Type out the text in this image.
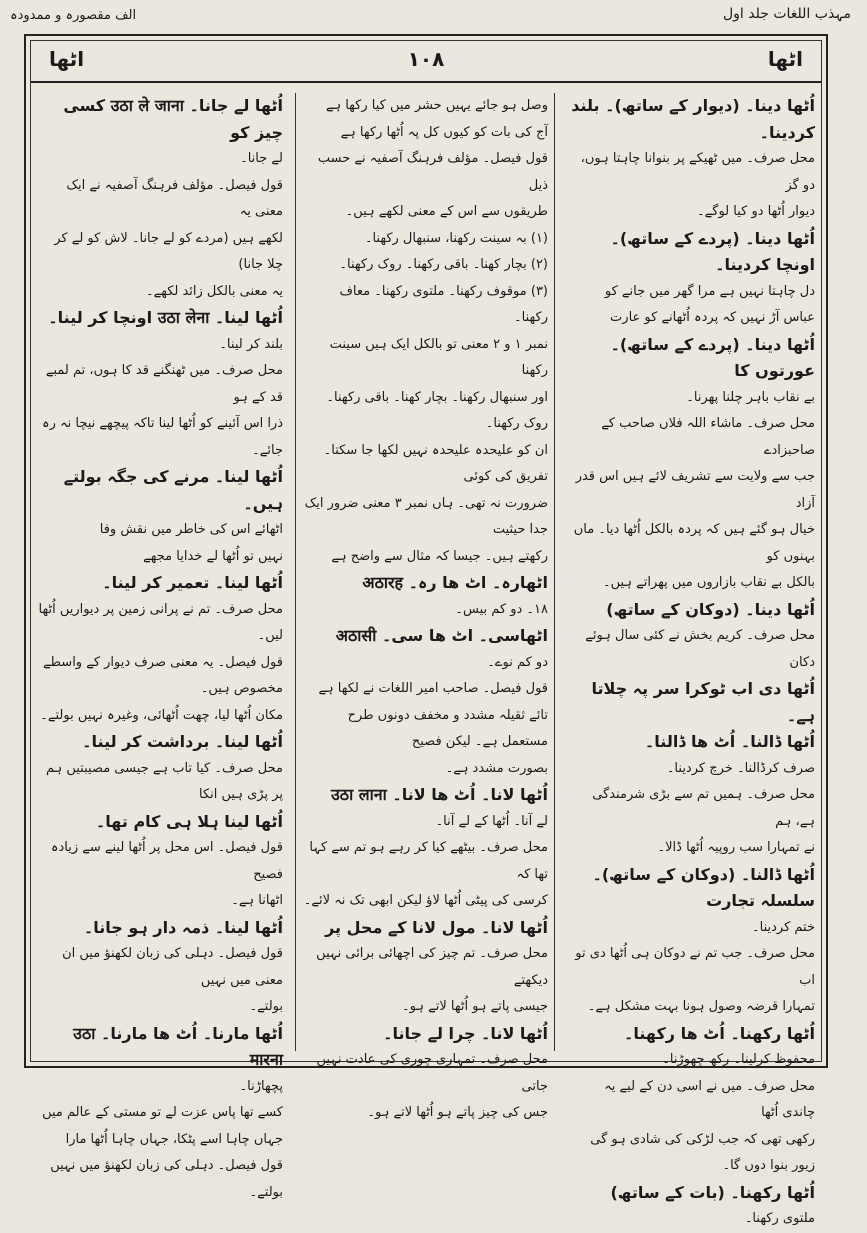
الف مقصورہ و ممدودہ	مہذب اللغات جلد اول
اٹھا	۱۰۸	اٹھا

اُٹھا دینا۔ (دیوار کے ساتھ)۔ بلند کردینا۔

محل صرف۔ میں ٹھیکے پر بنوانا چاہتا ہوں، دو گز

دیوار اُٹھا دو کیا لوگے۔

اُٹھا دینا۔ (پردے کے ساتھ)۔ اونچا کردینا۔

دل چاہتا نہیں ہے مرا گھر میں جانے کو

عباس آڑ نہیں کہ پردہ اُٹھانے کو عارت

اُٹھا دینا۔ (پردے کے ساتھ)۔ عورتوں کا

بے نقاب باہر چلنا پھرنا۔

محل صرف۔ ماشاء اللہ فلاں صاحب کے صاحبزادے

جب سے ولایت سے تشریف لائے ہیں اس قدر آزاد

خیال ہو گئے ہیں کہ پردہ بالکل اُٹھا دیا۔ ماں بہنوں کو

بالکل بے نقاب بازاروں میں پھراتے ہیں۔

اُٹھا دینا۔ (دوکان کے ساتھ)

محل صرف۔ کریم بخش نے کئی سال ہوئے دکان

اُٹھا دی اب ٹوکرا سر پہ چلاتا ہے۔

اُٹھا ڈالنا۔ اُٹ ھا ڈالنا۔

صرف کرڈالنا۔ خرچ کردینا۔

محل صرف۔ ہمیں تم سے بڑی شرمندگی ہے، ہم

نے تمہارا سب روپیہ اُٹھا ڈالا۔

اُٹھا ڈالنا۔ (دوکان کے ساتھ)۔ سلسلہ تجارت

ختم کردینا۔

محل صرف۔ جب تم نے دوکان ہی اُٹھا دی تو اب

تمہارا قرضہ وصول ہونا بہت مشکل ہے۔

اُٹھا رکھنا۔ اُٹ ھا رکھنا۔

محفوظ کرلینا۔ رکھ چھوڑنا۔

محل صرف۔ میں نے اسی دن کے لیے یہ چاندی اُٹھا

رکھی تھی کہ جب لڑکی کی شادی ہو گی زیور بنوا دوں گا۔

اُٹھا رکھنا۔ (بات کے ساتھ)

ملتوی رکھنا۔

وصل ہو جائے یہیں حشر میں کیا رکھا ہے

آج کی بات کو کیوں کل پہ اُٹھا رکھا ہے

قول فیصل۔ مؤلف فرہنگ آصفیہ نے حسب ذیل

طریقوں سے اس کے معنی لکھے ہیں۔

(۱) بہ سینت رکھنا، سنبھال رکھنا۔

(۲) بچار کھنا۔ باقی رکھنا۔ روک رکھنا۔

(۳) موقوف رکھنا۔ ملتوی رکھنا۔ معاف رکھنا۔

نمبر ۱ و ۲ معنی تو بالکل ایک ہیں سینت رکھنا

اور سنبھال رکھنا۔ بچار کھنا۔ باقی رکھنا۔ روک رکھنا۔

ان کو علیحدہ علیحدہ نہیں لکھا جا سکتا۔ تفریق کی کوئی

ضرورت نہ تھی۔ ہاں نمبر ۳ معنی ضرور ایک جدا حیثیت

رکھتے ہیں۔ جیسا کہ مثال سے واضح ہے

اٹھارہ۔ اٹ ھا رہ۔ अठारह

۱۸۔ دو کم بیس۔

اٹھاسی۔ اٹ ھا سی۔ अठासी

دو کم نوے۔

قول فیصل۔ صاحب امیر اللغات نے لکھا ہے

تائے ثقیلہ مشدد و مخفف دونوں طرح مستعمل ہے۔ لیکن فصیح

بصورت مشدد ہے۔

اُٹھا لانا۔ اُٹ ھا لانا۔ उठा लाना

لے آنا۔ اُٹھا کے لے آنا۔

محل صرف۔ بیٹھے کیا کر رہے ہو تم سے کہا تھا کہ

کرسی کی پیٹی اُٹھا لاؤ لیکن ابھی تک نہ لائے۔

اُٹھا لانا۔ مول لانا کے محل پر

محل صرف۔ تم چیز کی اچھائی برائی نہیں دیکھتے

جیسی پاتے ہو اُٹھا لاتے ہو۔

اُٹھا لانا۔ چرا لے جانا۔

محل صرف۔ تمہاری چوری کی عادت نہیں جاتی

جس کی چیز پاتے ہو اُٹھا لاتے ہو۔

اُٹھا لے جانا۔ उठा ले जाना کسی چیز کو

لے جانا۔

قول فیصل۔ مؤلف فرہنگ آصفیہ نے ایک معنی یہ

لکھے ہیں (مردے کو لے جانا۔ لاش کو لے کر چلا جانا)

یہ معنی بالکل زائد لکھے۔

اُٹھا لینا۔ उठा लेना اونچا کر لینا۔

بلند کر لینا۔

محل صرف۔ میں ٹھنگنے قد کا ہوں، تم لمبے قد کے ہو

ذرا اس آئینے کو اُٹھا لینا تاکہ پیچھے نیچا نہ رہ جائے۔

اُٹھا لینا۔ مرنے کی جگہ بولتے ہیں۔

اٹھائے اس کی خاطر میں نقش وفا

نہیں تو اُٹھا لے خدایا مجھے

اُٹھا لینا۔ تعمیر کر لینا۔

محل صرف۔ تم نے پرانی زمین پر دیواریں اُٹھا لیں۔

قول فیصل۔ یہ معنی صرف دیوار کے واسطے مخصوص ہیں۔

مکان اُٹھا لیا، چھت اُٹھائی، وغیرہ نہیں بولتے۔

اُٹھا لینا۔ برداشت کر لینا۔

محل صرف۔ کیا تاب ہے جیسی مصیبتیں ہم پر پڑی ہیں انکا

اُٹھا لینا ہلا ہی کام تھا۔

قول فیصل۔ اس محل پر اُٹھا لینے سے زیادہ فصیح

اٹھانا ہے۔

اُٹھا لینا۔ ذمہ دار ہو جانا۔

قول فیصل۔ دہلی کی زبان لکھنؤ میں ان معنی میں نہیں

بولتے۔

اُٹھا مارنا۔ اُٹ ھا مارنا۔ उठा मारना

پچھاڑنا۔

کسے تھا پاس عزت لے تو مستی کے عالم میں

جہاں چاہا اسے پٹکا، جہاں چاہا اُٹھا مارا

قول فیصل۔ دہلی کی زبان لکھنؤ میں نہیں بولتے۔
